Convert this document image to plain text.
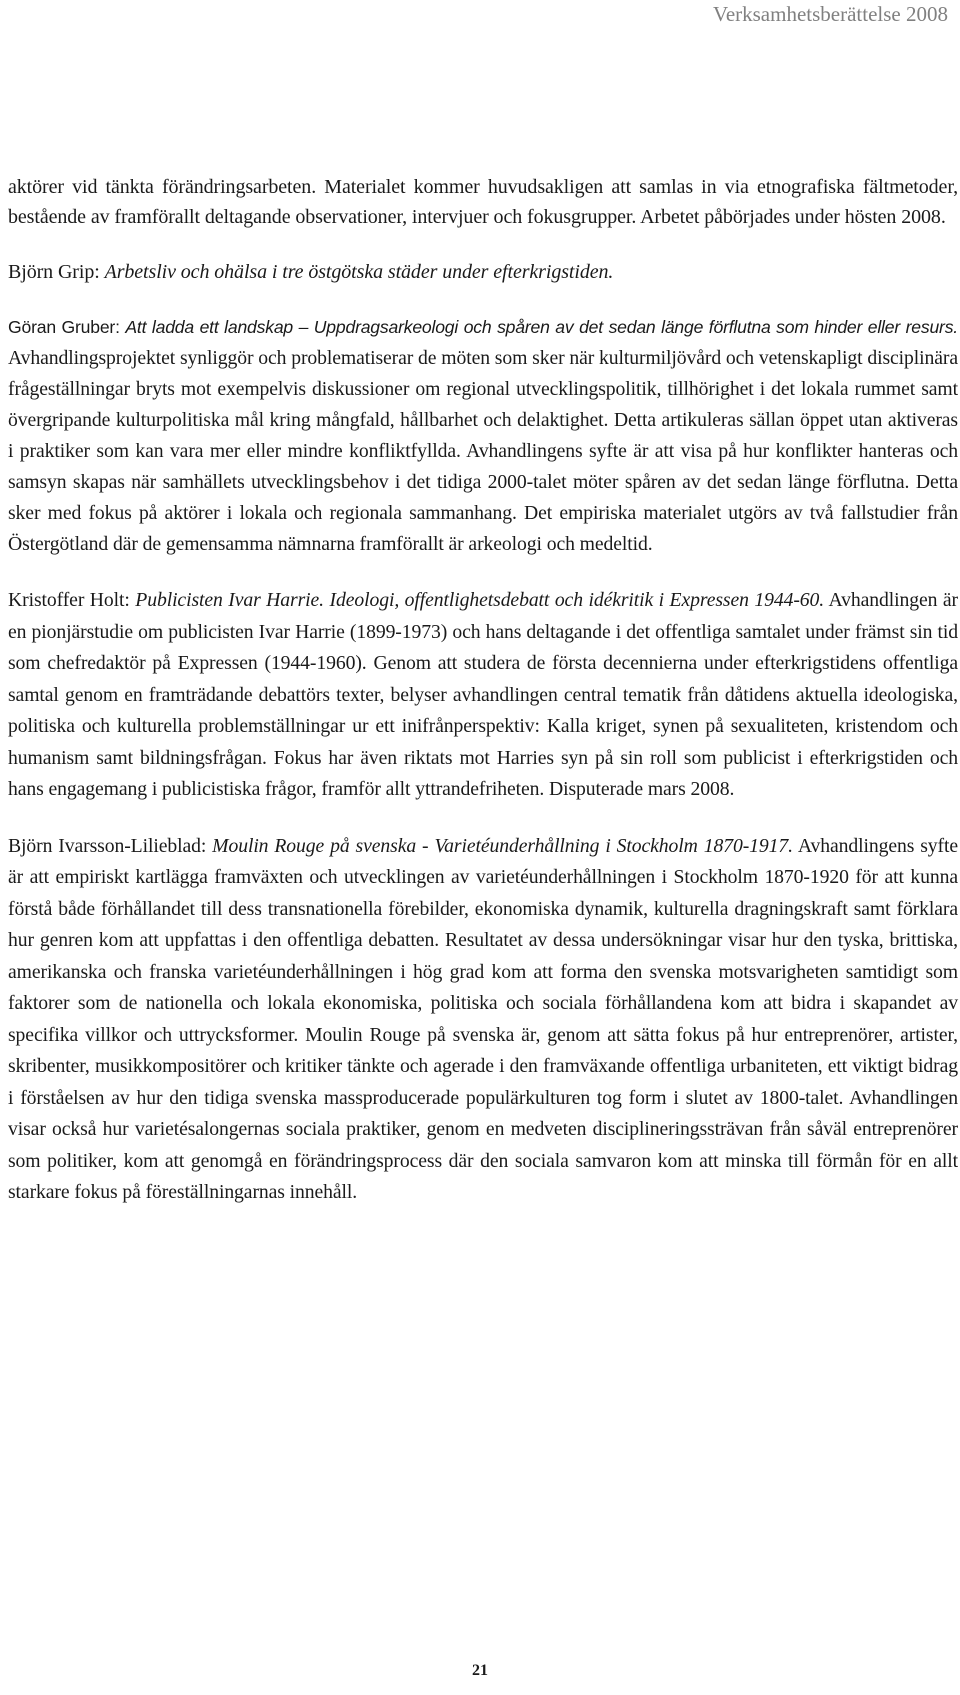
Verksamhetsberättelse 2008

aktörer vid tänkta förändringsarbeten. Materialet kommer huvudsakligen att samlas in via etnografiska fältmetoder, bestående av framförallt deltagande observationer, intervjuer och fokusgrupper. Arbetet påbörjades under hösten 2008.

Björn Grip: Arbetsliv och ohälsa i tre östgötska städer under efterkrigstiden.

Göran Gruber: Att ladda ett landskap – Uppdragsarkeologi och spåren av det sedan länge förflutna som hinder eller resurs. Avhandlingsprojektet synliggör och problematiserar de möten som sker när kulturmiljövård och vetenskapligt disciplinära frågeställningar bryts mot exempelvis diskussioner om regional utvecklingspolitik, tillhörighet i det lokala rummet samt övergripande kulturpolitiska mål kring mångfald, hållbarhet och delaktighet. Detta artikuleras sällan öppet utan aktiveras i praktiker som kan vara mer eller mindre konfliktfyllda. Avhandlingens syfte är att visa på hur konflikter hanteras och samsyn skapas när samhällets utvecklingsbehov i det tidiga 2000-talet möter spåren av det sedan länge förflutna. Detta sker med fokus på aktörer i lokala och regionala sammanhang. Det empiriska materialet utgörs av två fallstudier från Östergötland där de gemensamma nämnarna framförallt är arkeologi och medeltid.

Kristoffer Holt: Publicisten Ivar Harrie. Ideologi, offentlighetsdebatt och idékritik i Expressen 1944-60. Avhandlingen är en pionjärstudie om publicisten Ivar Harrie (1899-1973) och hans deltagande i det offentliga samtalet under främst sin tid som chefredaktör på Expressen (1944-1960). Genom att studera de första decennierna under efterkrigstidens offentliga samtal genom en framträdande debattörs texter, belyser avhandlingen central tematik från dåtidens aktuella ideologiska, politiska och kulturella problemställningar ur ett inifrånperspektiv: Kalla kriget, synen på sexualiteten, kristendom och humanism samt bildningsfrågan. Fokus har även riktats mot Harries syn på sin roll som publicist i efterkrigstiden och hans engagemang i publicistiska frågor, framför allt yttrandefriheten. Disputerade mars 2008.

Björn Ivarsson-Lilieblad: Moulin Rouge på svenska - Varietéunderhållning i Stockholm 1870-1917. Avhandlingens syfte är att empiriskt kartlägga framväxten och utvecklingen av varietéunderhållningen i Stockholm 1870-1920 för att kunna förstå både förhållandet till dess transnationella förebilder, ekonomiska dynamik, kulturella dragningskraft samt förklara hur genren kom att uppfattas i den offentliga debatten. Resultatet av dessa undersökningar visar hur den tyska, brittiska, amerikanska och franska varietéunderhållningen i hög grad kom att forma den svenska motsvarigheten samtidigt som faktorer som de nationella och lokala ekonomiska, politiska och sociala förhållandena kom att bidra i skapandet av specifika villkor och uttrycksformer. Moulin Rouge på svenska är, genom att sätta fokus på hur entreprenörer, artister, skribenter, musikkompositörer och kritiker tänkte och agerade i den framväxande offentliga urbaniteten, ett viktigt bidrag i förståelsen av hur den tidiga svenska massproducerade populärkulturen tog form i slutet av 1800-talet. Avhandlingen visar också hur varietésalongernas sociala praktiker, genom en medveten disciplineringssträvan från såväl entreprenörer som politiker, kom att genomgå en förändringsprocess där den sociala samvaron kom att minska till förmån för en allt starkare fokus på föreställningarnas innehåll.

21
